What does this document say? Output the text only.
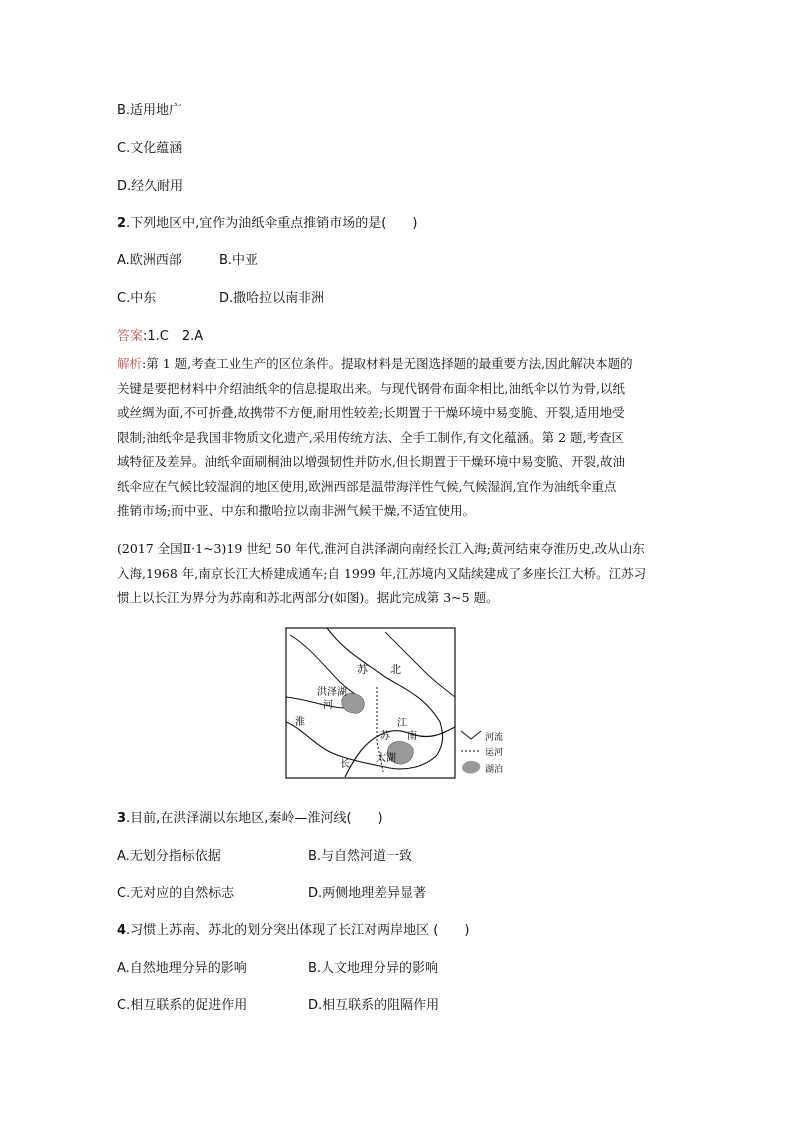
B.适用地广
C.文化蕴涵
D.经久耐用
2.下列地区中,宜作为油纸伞重点推销市场的是(　　)
A.欧洲西部	B.中亚
C.中东	D.撒哈拉以南非洲
答案:1.C　2.A
解析:第 1 题,考查工业生产的区位条件。提取材料是无图选择题的最重要方法,因此解决本题的
关键是要把材料中介绍油纸伞的信息提取出来。与现代钢骨布面伞相比,油纸伞以竹为骨,以纸
或丝绸为面,不可折叠,故携带不方便,耐用性较差;长期置于干燥环境中易变脆、开裂,适用地受
限制;油纸伞是我国非物质文化遗产,采用传统方法、全手工制作,有文化蕴涵。第 2 题,考查区
域特征及差异。油纸伞面刷桐油以增强韧性并防水,但长期置于干燥环境中易变脆、开裂,故油
纸伞应在气候比较湿润的地区使用,欧洲西部是温带海洋性气候,气候湿润,宜作为油纸伞重点
推销市场;而中亚、中东和撒哈拉以南非洲气候干燥,不适宜使用。
(2017 全国Ⅱ·1~3)19 世纪 50 年代,淮河自洪泽湖向南经长江入海;黄河结束夺淮历史,改从山东
入海,1968 年,南京长江大桥建成通车;自 1999 年,江苏境内又陆续建成了多座长江大桥。江苏习
惯上以长江为界分为苏南和苏北两部分(如图)。据此完成第 3~5 题。
苏 北
洪泽湖
河
淮
苏 南
太湖
长
江
河流
运河
湖泊
3.目前,在洪泽湖以东地区,秦岭—淮河线(　　)
A.无划分指标依据	B.与自然河道一致
C.无对应的自然标志	D.两侧地理差异显著
4.习惯上苏南、苏北的划分突出体现了长江对两岸地区 (　　)
A.自然地理分异的影响	B.人文地理分异的影响
C.相互联系的促进作用	D.相互联系的阻隔作用
